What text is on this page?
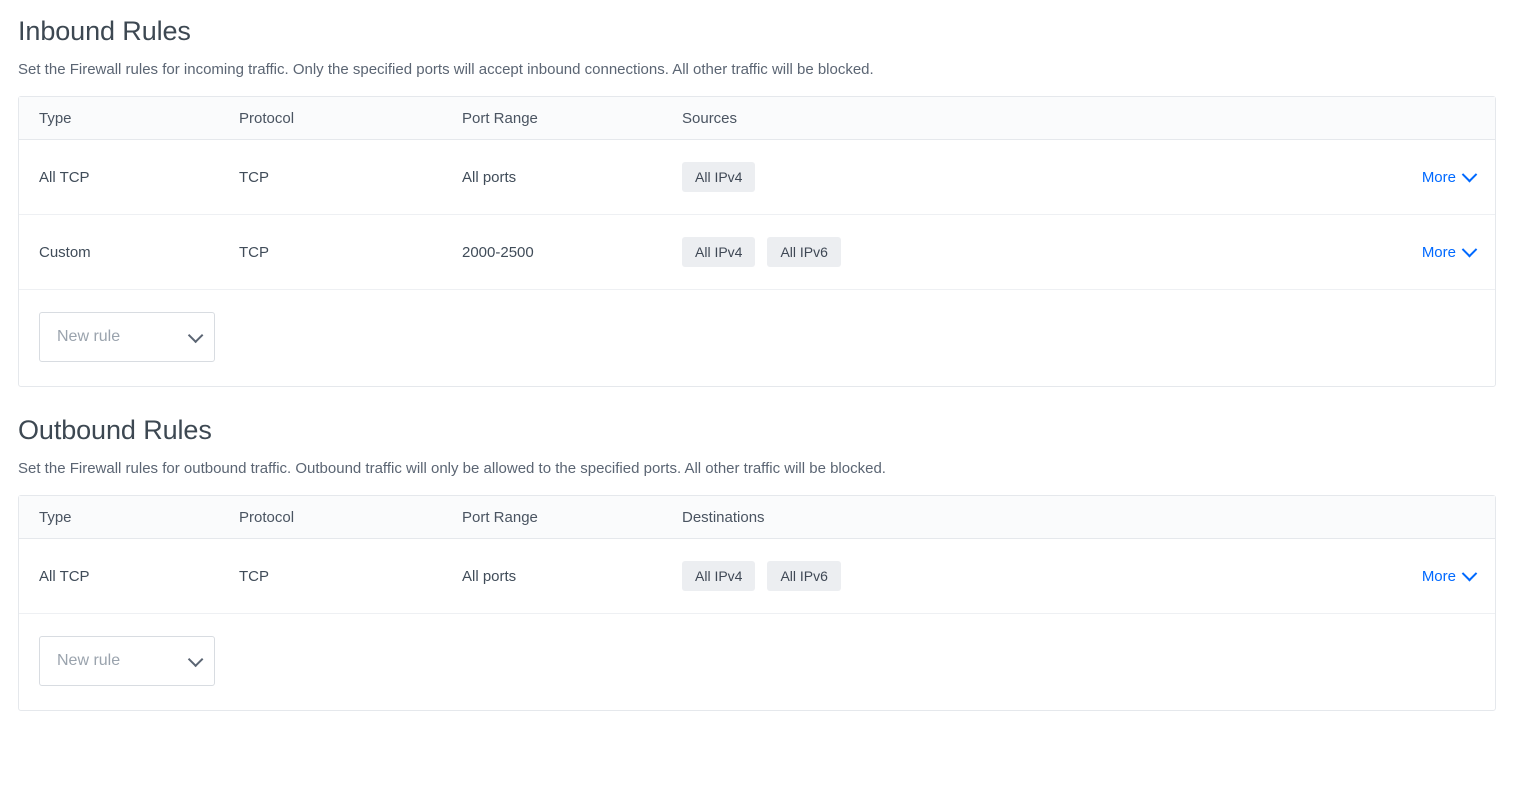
Inbound Rules

Set the Firewall rules for incoming traffic. Only the specified ports will accept inbound connections. All other traffic will be blocked.

Type	Protocol	Port Range	Sources
All TCP	TCP	All ports	All IPv4	More
Custom	TCP	2000-2500	All IPv4	All IPv6	More
New rule
Outbound Rules

Set the Firewall rules for outbound traffic. Outbound traffic will only be allowed to the specified ports. All other traffic will be blocked.

Type	Protocol	Port Range	Destinations
All TCP	TCP	All ports	All IPv4	All IPv6	More
New rule
